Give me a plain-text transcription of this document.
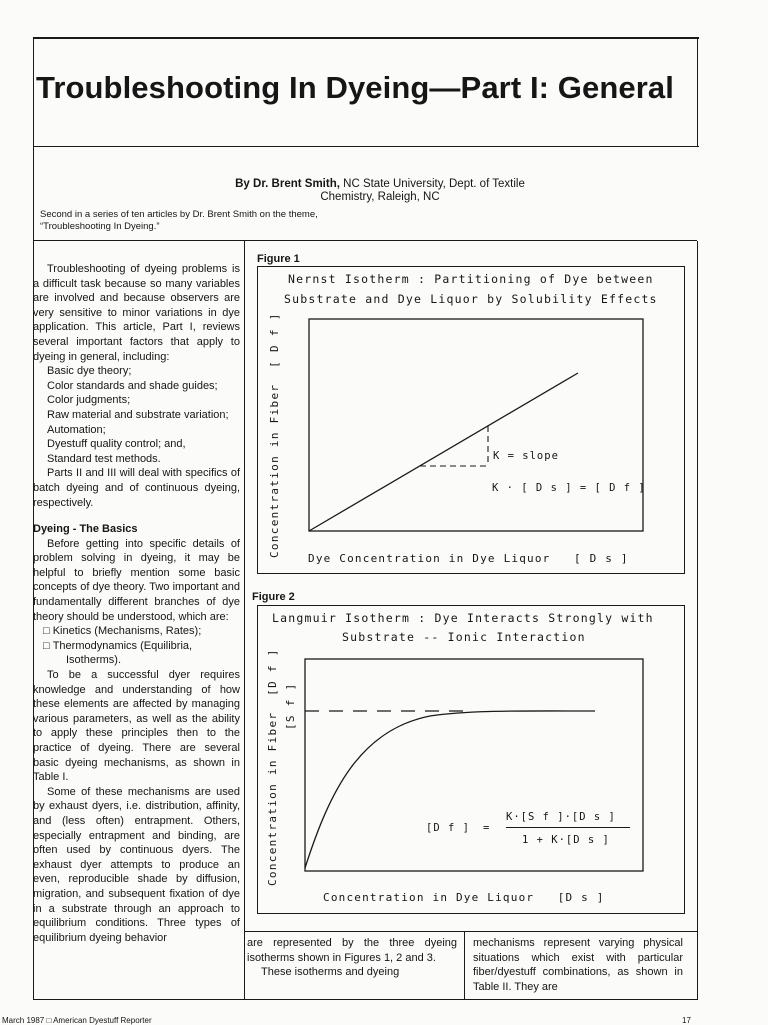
Troubleshooting In Dyeing—Part I: General
By Dr. Brent Smith, NC State University, Dept. of Textile
Chemistry, Raleigh, NC
Second in a series of ten articles by Dr. Brent Smith on the theme,
“Troubleshooting In Dyeing.”

Troubleshooting of dyeing problems is a difficult task because so many variables are involved and because observers are very sensitive to minor variations in dye application. This article, Part I, reviews several important factors that apply to dyeing in general, including:

Basic dye theory;

Color standards and shade guides;

Color judgments;

Raw material and substrate variation;

Automation;

Dyestuff quality control; and,

Standard test methods.

Parts II and III will deal with specifics of batch dyeing and of continuous dyeing, respectively.

Dyeing - The Basics

Before getting into specific details of problem solving in dyeing, it may be helpful to briefly mention some basic concepts of dye theory. Two important and fundamentally different branches of dye theory should be understood, which are:

□ Kinetics (Mechanisms, Rates);

□ Thermodynamics (Equilibria,

Isotherms).

To be a successful dyer requires knowledge and understanding of how these elements are affected by managing various parameters, as well as the ability to apply these principles then to the practice of dyeing. There are several basic dyeing mechanisms, as shown in Table I.

Some of these mechanisms are used by exhaust dyers, i.e. distribution, affinity, and (less often) entrapment. Others, especially entrapment and binding, are often used by continuous dyers. The exhaust dyer attempts to produce an even, reproducible shade by diffusion, migration, and subsequent fixation of dye in a substrate through an approach to equilibrium conditions. Three types of equilibrium dyeing behavior

Figure 1
Nernst Isotherm : Partitioning of Dye between
Substrate and Dye Liquor by Solubility Effects
Concentration in Fiber  [ D f ]
K = slope
K · [ D s ] = [ D f ]
Dye Concentration in Dye Liquor [ D s ]
Figure 2
Langmuir Isotherm : Dye Interacts Strongly with
Substrate -- Ionic Interaction
Concentration in Fiber  [D f ]
[S f ]
[D f ] =
K·[S f ]·[D s ]
1 + K·[D s ]
Concentration in Dye Liquor [D s ]

are represented by the three dyeing isotherms shown in Figures 1, 2 and 3.

These isotherms and dyeing

mechanisms represent varying physical situations which exist with particular fiber/dyestuff combinations, as shown in Table II. They are

March 1987 □ American Dyestuff Reporter	17
